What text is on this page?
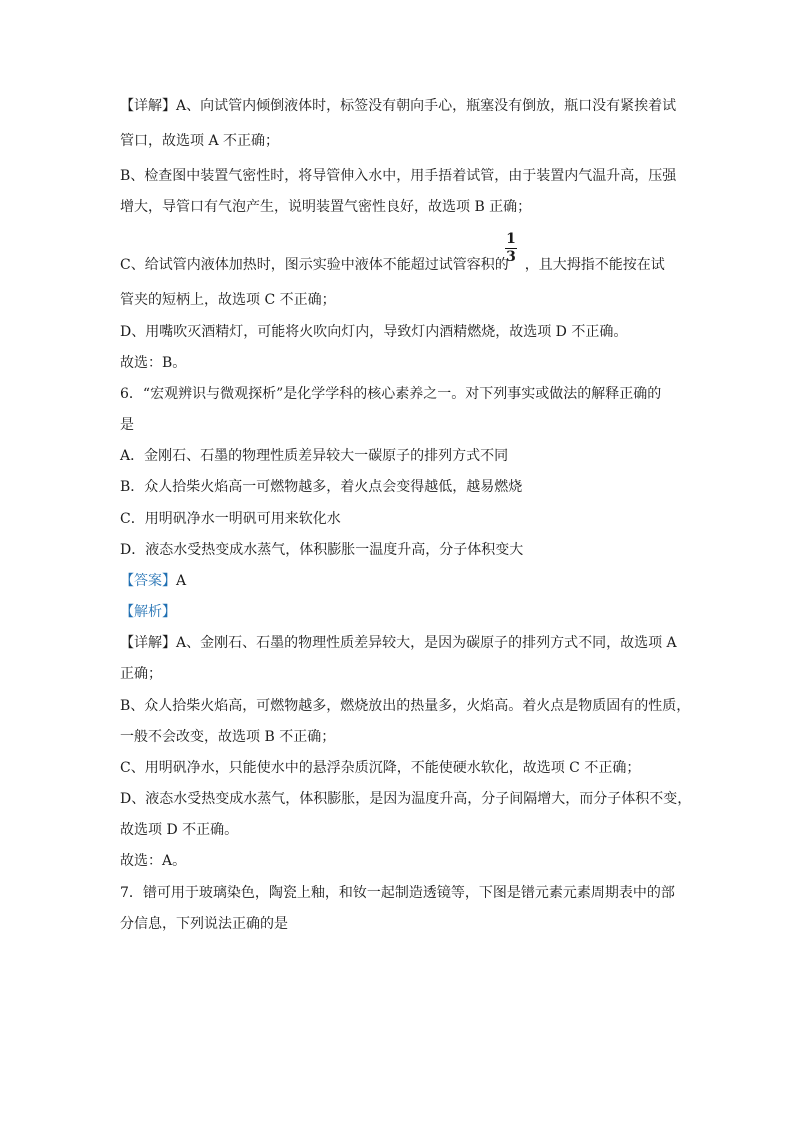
【详解】A、向试管内倾倒液体时，标签没有朝向手心，瓶塞没有倒放，瓶口没有紧挨着试
管口，故选项 A 不正确；
B、检查图中装置气密性时，将导管伸入水中，用手捂着试管，由于装置内气温升高，压强
增大，导管口有气泡产生，说明装置气密性良好，故选项 B 正确；
C、给试管内液体加热时，图示实验中液体不能超过试管容积的 ，且大拇指不能按在试
1
3
管夹的短柄上，故选项 C 不正确；
D、用嘴吹灭酒精灯，可能将火吹向灯内，导致灯内酒精燃烧，故选项 D 不正确。
故选：B。
6．“宏观辨识与微观探析”是化学学科的核心素养之一。对下列事实或做法的解释正确的
是
A．金刚石、石墨的物理性质差异较大一碳原子的排列方式不同
B．众人拾柴火焰高一可燃物越多，着火点会变得越低，越易燃烧
C．用明矾净水一明矾可用来软化水
D．液态水受热变成水蒸气，体积膨胀一温度升高，分子体积变大
【答案】A
【解析】
【详解】A、金刚石、石墨的物理性质差异较大，是因为碳原子的排列方式不同，故选项 A
正确；
B、众人拾柴火焰高，可燃物越多，燃烧放出的热量多，火焰高。着火点是物质固有的性质，
一般不会改变，故选项 B 不正确；
C、用明矾净水，只能使水中的悬浮杂质沉降，不能使硬水软化，故选项 C 不正确；
D、液态水受热变成水蒸气，体积膨胀，是因为温度升高，分子间隔增大，而分子体积不变，
故选项 D 不正确。
故选：A。
7．镨可用于玻璃染色，陶瓷上釉，和钕一起制造透镜等，下图是镨元素元素周期表中的部
分信息，下列说法正确的是
